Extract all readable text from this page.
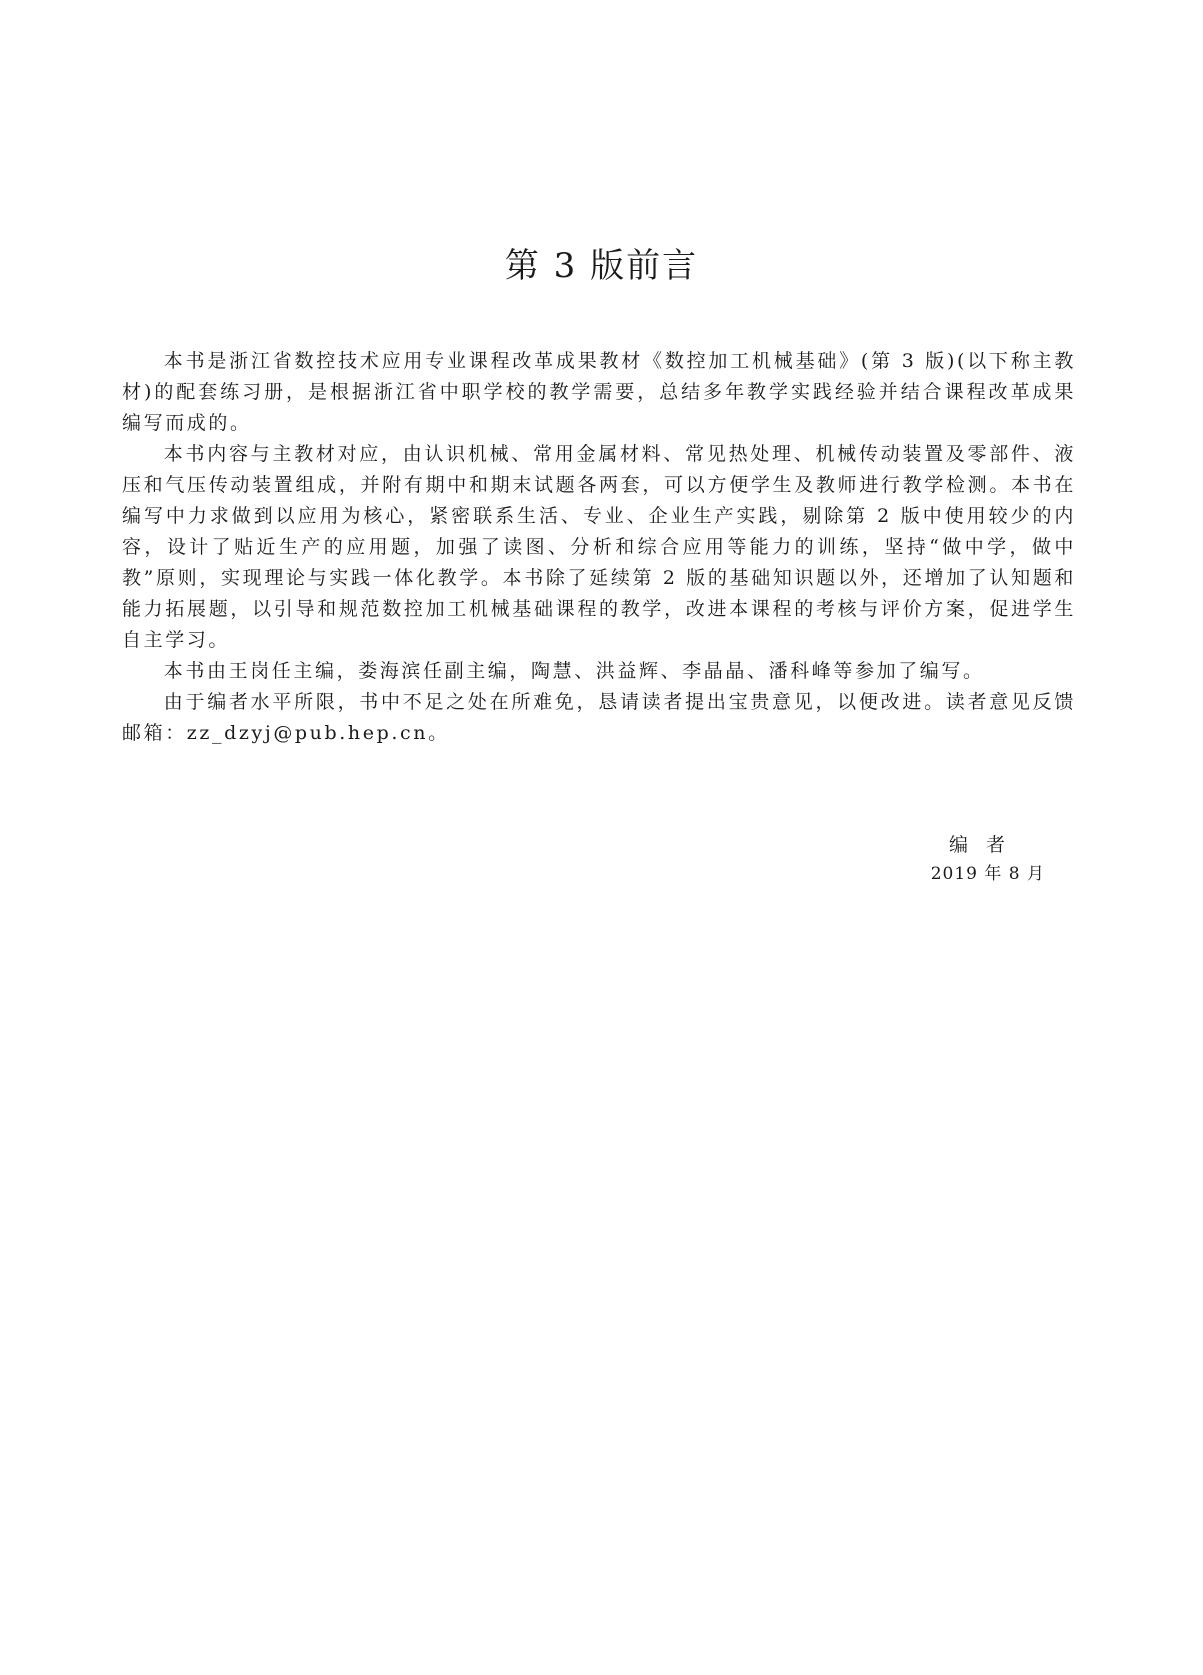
第 3 版前言

本书是浙江省数控技术应用专业课程改革成果教材《数控加工机械基础》(第 3 版)(以下称主教材)的配套练习册，是根据浙江省中职学校的教学需要，总结多年教学实践经验并结合课程改革成果编写而成的。

本书内容与主教材对应，由认识机械、常用金属材料、常见热处理、机械传动装置及零部件、液压和气压传动装置组成，并附有期中和期末试题各两套，可以方便学生及教师进行教学检测。本书在编写中力求做到以应用为核心，紧密联系生活、专业、企业生产实践，剔除第 2 版中使用较少的内容，设计了贴近生产的应用题，加强了读图、分析和综合应用等能力的训练，坚持“做中学，做中教”原则，实现理论与实践一体化教学。本书除了延续第 2 版的基础知识题以外，还增加了认知题和能力拓展题，以引导和规范数控加工机械基础课程的教学，改进本课程的考核与评价方案，促进学生自主学习。

本书由王岗任主编，娄海滨任副主编，陶慧、洪益辉、李晶晶、潘科峰等参加了编写。

由于编者水平所限，书中不足之处在所难免，恳请读者提出宝贵意见，以便改进。读者意见反馈邮箱：zz_dzyj@pub.hep.cn。

编者

2019 年 8 月
